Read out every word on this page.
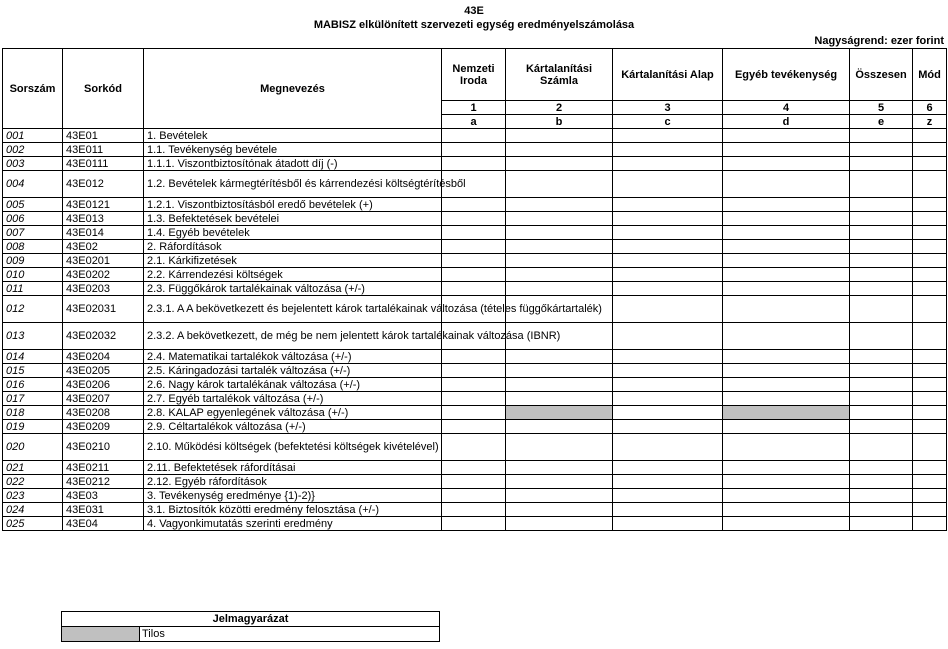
43E
MABISZ elkülönített szervezeti egység eredményelszámolása
Nagyságrend: ezer forint
Sorszám	Sorkód	Megnevezés	Nemzeti Iroda	Kártalanítási Számla	Kártalanítási Alap	Egyéb tevékenység	Összesen	Mód
			1	2	3	4	5	6
			a	b	c	d	e	z
001	43E01	1. Bevételek						
002	43E011	1.1. Tevékenység bevétele						
003	43E0111	1.1.1. Viszontbiztosítónak átadott díj (-)						
004	43E012	1.2. Bevételek kármegtérítésből és kárrendezési költségtérítésből						
005	43E0121	1.2.1. Viszontbiztosításból eredő bevételek (+)						
006	43E013	1.3. Befektetések bevételei						
007	43E014	1.4. Egyéb bevételek						
008	43E02	2. Ráfordítások						
009	43E0201	2.1. Kárkifizetések						
010	43E0202	2.2. Kárrendezési költségek						
011	43E0203	2.3. Függőkárok tartalékainak változása (+/-)						
012	43E02031	2.3.1. A A bekövetkezett és bejelentett károk tartalékainak változása (tételes függőkártartalék)						
013	43E02032	2.3.2. A bekövetkezett, de még be nem jelentett károk tartalékainak változása (IBNR)						
014	43E0204	2.4. Matematikai tartalékok változása (+/-)						
015	43E0205	2.5. Káringadozási tartalék változása (+/-)						
016	43E0206	2.6. Nagy károk tartalékának változása (+/-)						
017	43E0207	2.7. Egyéb tartalékok változása (+/-)						
018	43E0208	2.8. KALAP egyenlegének változása (+/-)						
019	43E0209	2.9. Céltartalékok változása (+/-)						
020	43E0210	2.10. Működési költségek (befektetési költségek kivételével)						
021	43E0211	2.11. Befektetések ráfordításai						
022	43E0212	2.12. Egyéb ráfordítások						
023	43E03	3. Tevékenység eredménye {1)-2)}						
024	43E031	3.1. Biztosítók közötti eredmény felosztása (+/-)						
025	43E04	4. Vagyonkimutatás szerinti eredmény						
Jelmagyarázat
	Tilos
